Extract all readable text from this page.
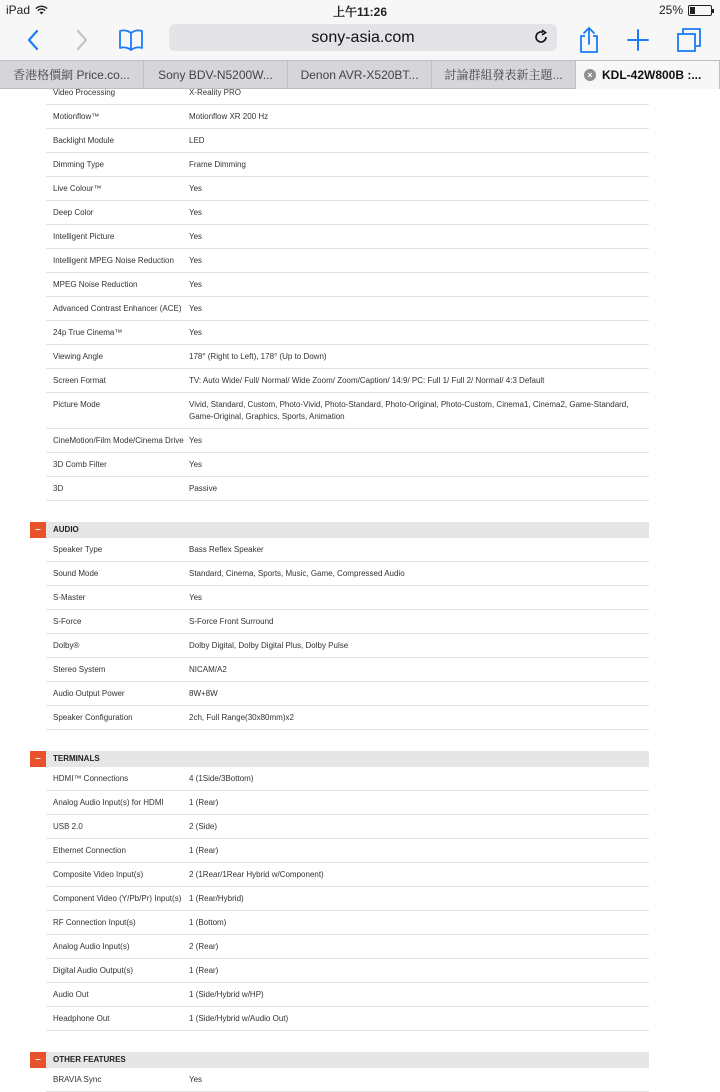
iPad	上午11:26	25%
sony-asia.com
香港格價網 Price.co...	Sony BDV-N5200W...	Denon AVR-X520BT...	討論群組發表新主題...	× KDL-42W800B :...
Video Processing	X-Reality PRO
Motionflow™	Motionflow XR 200 Hz
Backlight Module	LED
Dimming Type	Frame Dimming
Live Colour™	Yes
Deep Color	Yes
Intelligent Picture	Yes
Intelligent MPEG Noise Reduction	Yes
MPEG Noise Reduction	Yes
Advanced Contrast Enhancer (ACE) Yes
24p True Cinema™	Yes
Viewing Angle	178° (Right to Left), 178° (Up to Down)
Screen Format	TV: Auto Wide/ Full/ Normal/ Wide Zoom/ Zoom/Caption/ 14:9/ PC: Full 1/ Full 2/ Normal/ 4:3 Default
Picture Mode	Vivid, Standard, Custom, Photo-Vivid, Photo-Standard, Photo-Original, Photo-Custom, Cinema1, Cinema2, Game-Standard, Game-Original, Graphics, Sports, Animation
CineMotion/Film Mode/Cinema Drive Yes
3D Comb Filter	Yes
3D	Passive
–	AUDIO
Speaker Type	Bass Reflex Speaker
Sound Mode	Standard, Cinema, Sports, Music, Game, Compressed Audio
S-Master	Yes
S-Force	S-Force Front Surround
Dolby®	Dolby Digital, Dolby Digital Plus, Dolby Pulse
Stereo System	NICAM/A2
Audio Output Power	8W+8W
Speaker Configuration	2ch, Full Range(30x80mm)x2
–	TERMINALS
HDMI™ Connections	4 (1Side/3Bottom)
Analog Audio Input(s) for HDMI	1 (Rear)
USB 2.0	2 (Side)
Ethernet Connection	1 (Rear)
Composite Video Input(s)	2 (1Rear/1Rear Hybrid w/Component)
Component Video (Y/Pb/Pr) Input(s) 1 (Rear/Hybrid)
RF Connection Input(s)	1 (Bottom)
Analog Audio Input(s)	2 (Rear)
Digital Audio Output(s)	1 (Rear)
Audio Out	1 (Side/Hybrid w/HP)
Headphone Out	1 (Side/Hybrid w/Audio Out)
–	OTHER FEATURES
BRAVIA Sync	Yes
